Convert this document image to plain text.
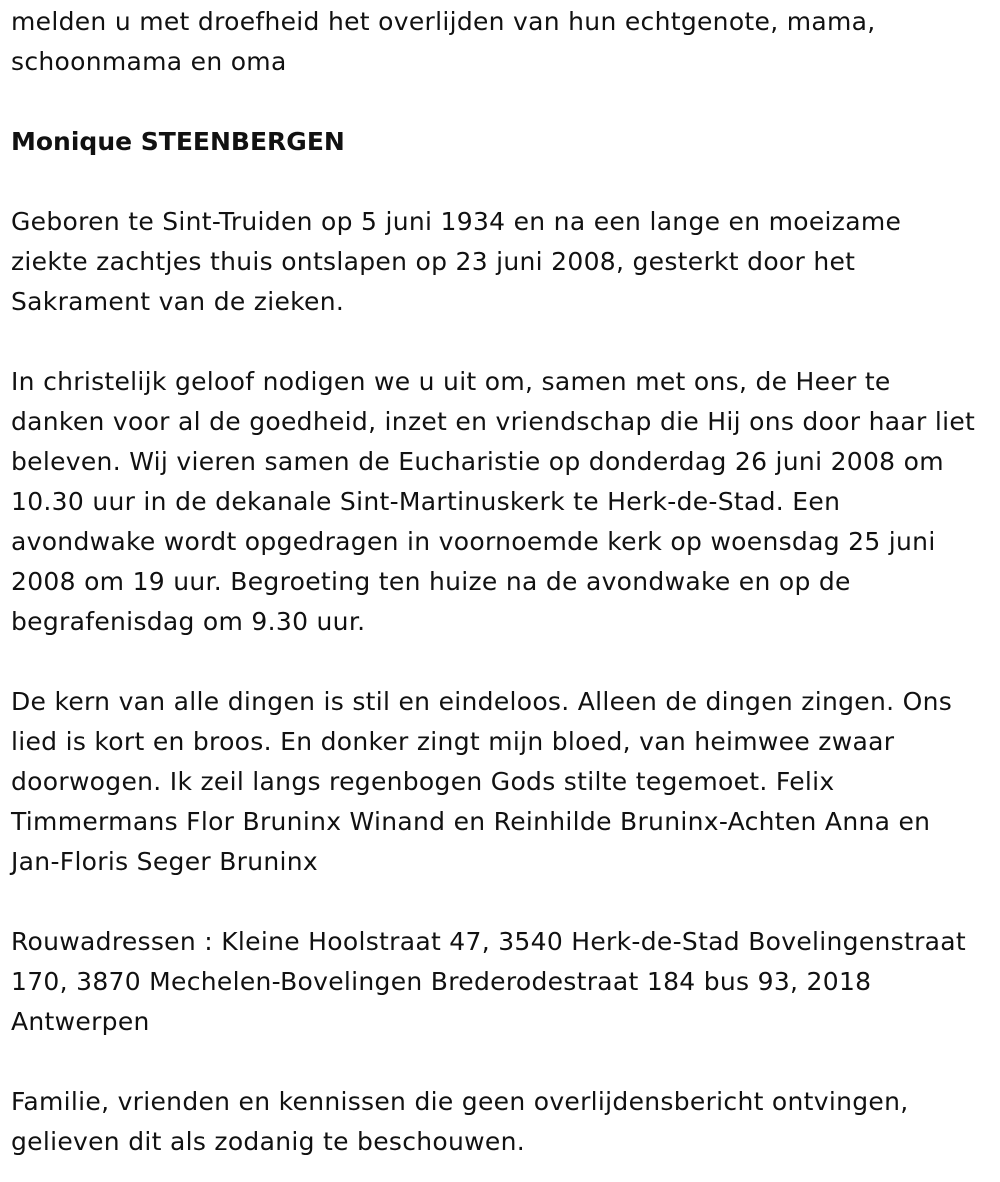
melden u met droefheid het overlijden van hun echtgenote, mama, schoonmama en oma

Monique STEENBERGEN

Geboren te Sint-Truiden op 5 juni 1934 en na een lange en moeizame ziekte zachtjes thuis ontslapen op 23 juni 2008, gesterkt door het Sakrament van de zieken.

In christelijk geloof nodigen we u uit om, samen met ons, de Heer te danken voor al de goedheid, inzet en vriendschap die Hij ons door haar liet beleven. Wij vieren samen de Eucharistie op donderdag 26 juni 2008 om 10.30 uur in de dekanale Sint-Martinuskerk te Herk-de-Stad. Een avondwake wordt opgedragen in voornoemde kerk op woensdag 25 juni 2008 om 19 uur. Begroeting ten huize na de avondwake en op de begrafenisdag om 9.30 uur.

De kern van alle dingen is stil en eindeloos. Alleen de dingen zingen. Ons lied is kort en broos. En donker zingt mijn bloed, van heimwee zwaar doorwogen. Ik zeil langs regenbogen Gods stilte tegemoet. Felix Timmermans Flor Bruninx Winand en Reinhilde Bruninx-Achten Anna en Jan-Floris Seger Bruninx

Rouwadressen : Kleine Hoolstraat 47, 3540 Herk-de-Stad Bovelingenstraat 170, 3870 Mechelen-Bovelingen Brederodestraat 184 bus 93, 2018 Antwerpen

Familie, vrienden en kennissen die geen overlijdensbericht ontvingen, gelieven dit als zodanig te beschouwen.
